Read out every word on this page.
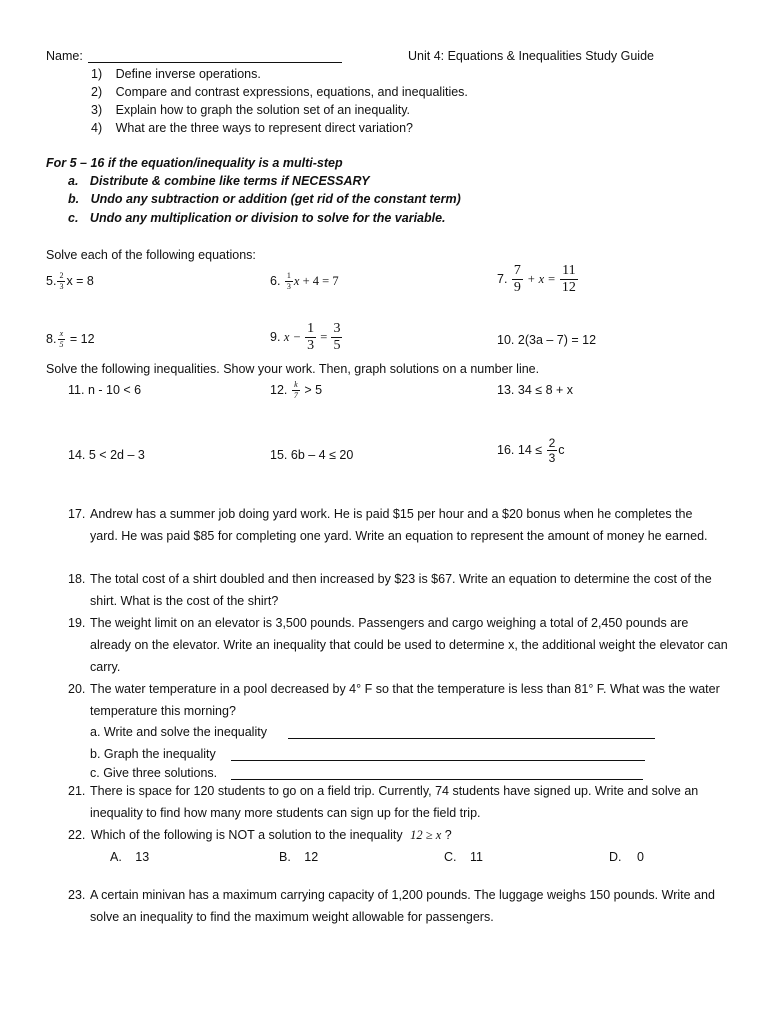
Name:	Unit 4: Equations & Inequalities Study Guide
1) Define inverse operations.
2) Compare and contrast expressions, equations, and inequalities.
3) Explain how to graph the solution set of an inequality.
4) What are the three ways to represent direct variation?
For 5 – 16 if the equation/inequality is a multi-step
a. Distribute & combine like terms if NECESSARY
b. Undo any subtraction or addition (get rid of the constant term)
c. Undo any multiplication or division to solve for the variable.
Solve each of the following equations:
5. $\frac{2}{3}$ x = 8	6. $\frac{1}{3}$ x + 4 = 7	7. $\frac{7}{9} + x = \frac{11}{12}$
8. $\frac{x}{5} = 12$	9. $x - \frac{1}{3} = \frac{3}{5}$	10. 2(3a – 7) = 12
Solve the following inequalities. Show your work. Then, graph solutions on a number line.
11. n - 10 < 6	12. $\frac{k}{7} > 5$	13. 34 ≤ 8 + x
14. 5 < 2d – 3	15. 6b – 4 ≤ 20	16. $14 \le \frac{2}{3}$ c
17. Andrew has a summer job doing yard work. He is paid $15 per hour and a $20 bonus when he completes the yard. He was paid $85 for completing one yard. Write an equation to represent the amount of money he earned.
18. The total cost of a shirt doubled and then increased by $23 is $67. Write an equation to determine the cost of the shirt. What is the cost of the shirt?
19. The weight limit on an elevator is 3,500 pounds. Passengers and cargo weighing a total of 2,450 pounds are already on the elevator. Write an inequality that could be used to determine x, the additional weight the elevator can carry.
20. The water temperature in a pool decreased by 4° F so that the temperature is less than 81° F. What was the water temperature this morning?
a. Write and solve the inequality
b. Graph the inequality
c. Give three solutions.
21. There is space for 120 students to go on a field trip. Currently, 74 students have signed up. Write and solve an inequality to find how many more students can sign up for the field trip.
22. Which of the following is NOT a solution to the inequality 12 ≥ x ?
A. 13	B. 12	C. 11	D. 0
23. A certain minivan has a maximum carrying capacity of 1,200 pounds. The luggage weighs 150 pounds. Write and solve an inequality to find the maximum weight allowable for passengers.
